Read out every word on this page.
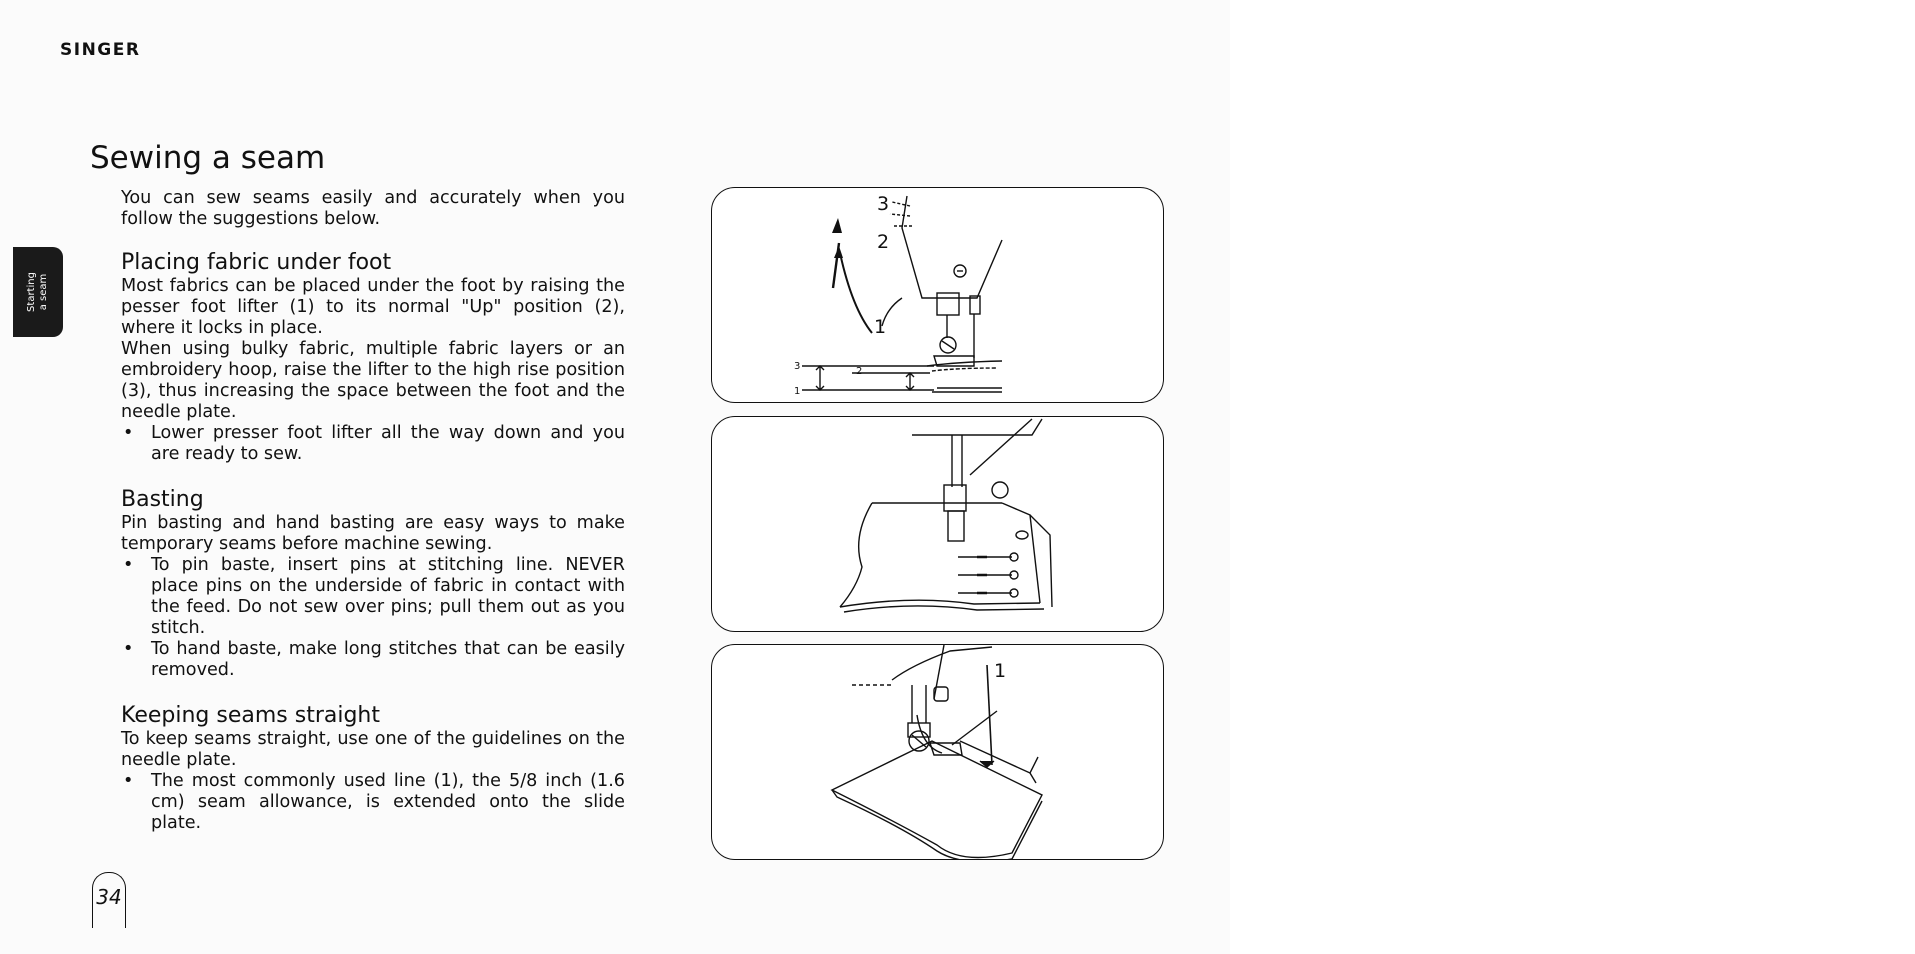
SINGER
Starting a seam
Sewing a seam

You can sew seams easily and accurately when you follow the suggestions below.

Placing fabric under foot

Most fabrics can be placed under the foot by raising the pesser foot lifter (1) to its normal "Up" position (2), where it locks in place.

When using bulky fabric, multiple fabric layers or an embroidery hoop, raise the lifter to the high rise position (3), thus increasing the space between the foot and the needle plate.

• Lower presser foot lifter all the way down and you are ready to sew.
Basting

Pin basting and hand basting are easy ways to make temporary seams before machine sewing.

• To pin baste, insert pins at stitching line. NEVER place pins on the underside of fabric in contact with the feed. Do not sew over pins; pull them out as you stitch.
• To hand baste, make long stitches that can be easily removed.
Keeping seams straight

To keep seams straight, use one of the guidelines on the needle plate.

• The most commonly used line (1), the 5/8 inch (1.6 cm) seam allowance, is extended onto the slide plate.
34
1
2
3
2
3
1
1
